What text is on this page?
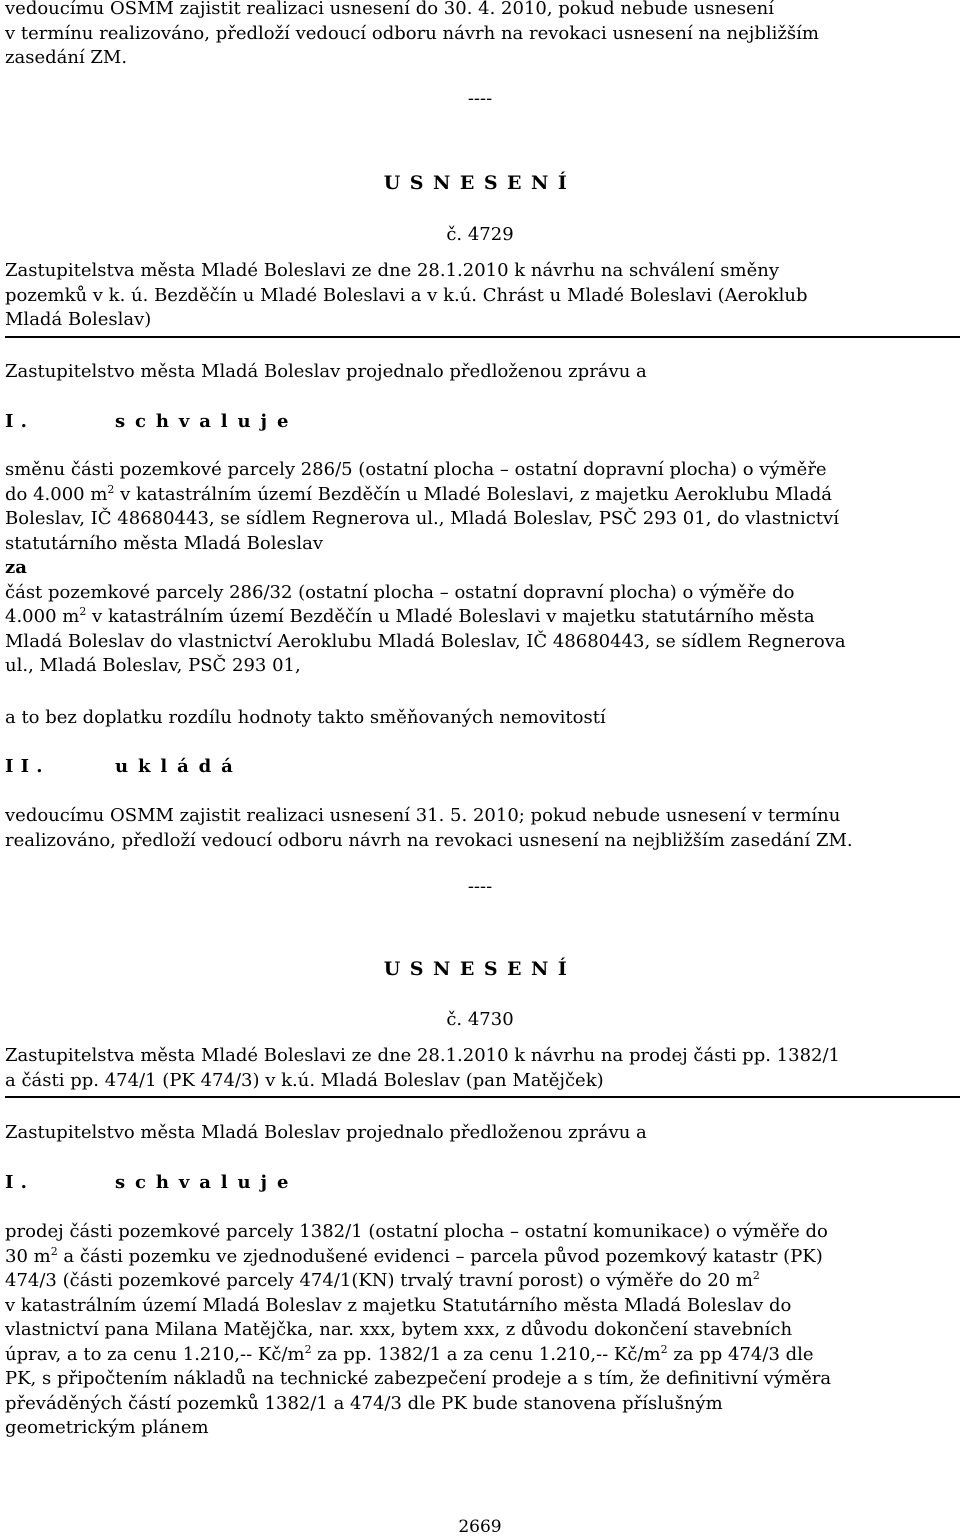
vedoucímu OSMM zajistit realizaci usnesení do 30. 4. 2010, pokud nebude usnesení

v termínu realizováno, předloží vedoucí odboru návrh na revokaci usnesení na nejbližším

zasedání ZM.

----
USNESENÍ
č. 4729

Zastupitelstva města Mladé Boleslavi ze dne 28.1.2010 k návrhu na schválení směny

pozemků v k. ú. Bezděčín u Mladé Boleslavi a v k.ú. Chrást u Mladé Boleslavi (Aeroklub

Mladá Boleslav)

Zastupitelstvo města Mladá Boleslav projednalo předloženou zprávu a

I.	schvaluje

směnu části pozemkové parcely 286/5 (ostatní plocha – ostatní dopravní plocha) o výměře

do 4.000 $m^2$ v katastrálním území Bezděčín u Mladé Boleslavi, z majetku Aeroklubu Mladá

Boleslav, IČ 48680443, se sídlem Regnerova ul., Mladá Boleslav, PSČ 293 01, do vlastnictví

statutárního města Mladá Boleslav

za

část pozemkové parcely 286/32 (ostatní plocha – ostatní dopravní plocha) o výměře do

4.000 $m^2$ v katastrálním území Bezděčín u Mladé Boleslavi v majetku statutárního města

Mladá Boleslav do vlastnictví Aeroklubu Mladá Boleslav, IČ 48680443, se sídlem Regnerova

ul., Mladá Boleslav, PSČ 293 01,

a to bez doplatku rozdílu hodnoty takto směňovaných nemovitostí

II.	ukládá

vedoucímu OSMM zajistit realizaci usnesení 31. 5. 2010; pokud nebude usnesení v termínu

realizováno, předloží vedoucí odboru návrh na revokaci usnesení na nejbližším zasedání ZM.

----
USNESENÍ
č. 4730

Zastupitelstva města Mladé Boleslavi ze dne 28.1.2010 k návrhu na prodej části pp. 1382/1

a části pp. 474/1 (PK 474/3) v k.ú. Mladá Boleslav (pan Matějček)

Zastupitelstvo města Mladá Boleslav projednalo předloženou zprávu a

I.	schvaluje

prodej části pozemkové parcely 1382/1 (ostatní plocha – ostatní komunikace) o výměře do

30 $m^2$ a části pozemku ve zjednodušené evidenci – parcela původ pozemkový katastr (PK)

474/3 (části pozemkové parcely 474/1(KN) trvalý travní porost) o výměře do 20 $m^2$

v katastrálním území Mladá Boleslav z majetku Statutárního města Mladá Boleslav do

vlastnictví pana Milana Matějčka, nar. xxx, bytem xxx, z důvodu dokončení stavebních

úprav, a to za cenu 1.210,-- $Kč/m^2$ za pp. 1382/1 a za cenu 1.210,-- $Kč/m^2$ za pp 474/3 dle

PK, s připočtením nákladů na technické zabezpečení prodeje a s tím, že definitivní výměra

převáděných částí pozemků 1382/1 a 474/3 dle PK bude stanovena příslušným

geometrickým plánem

2669
